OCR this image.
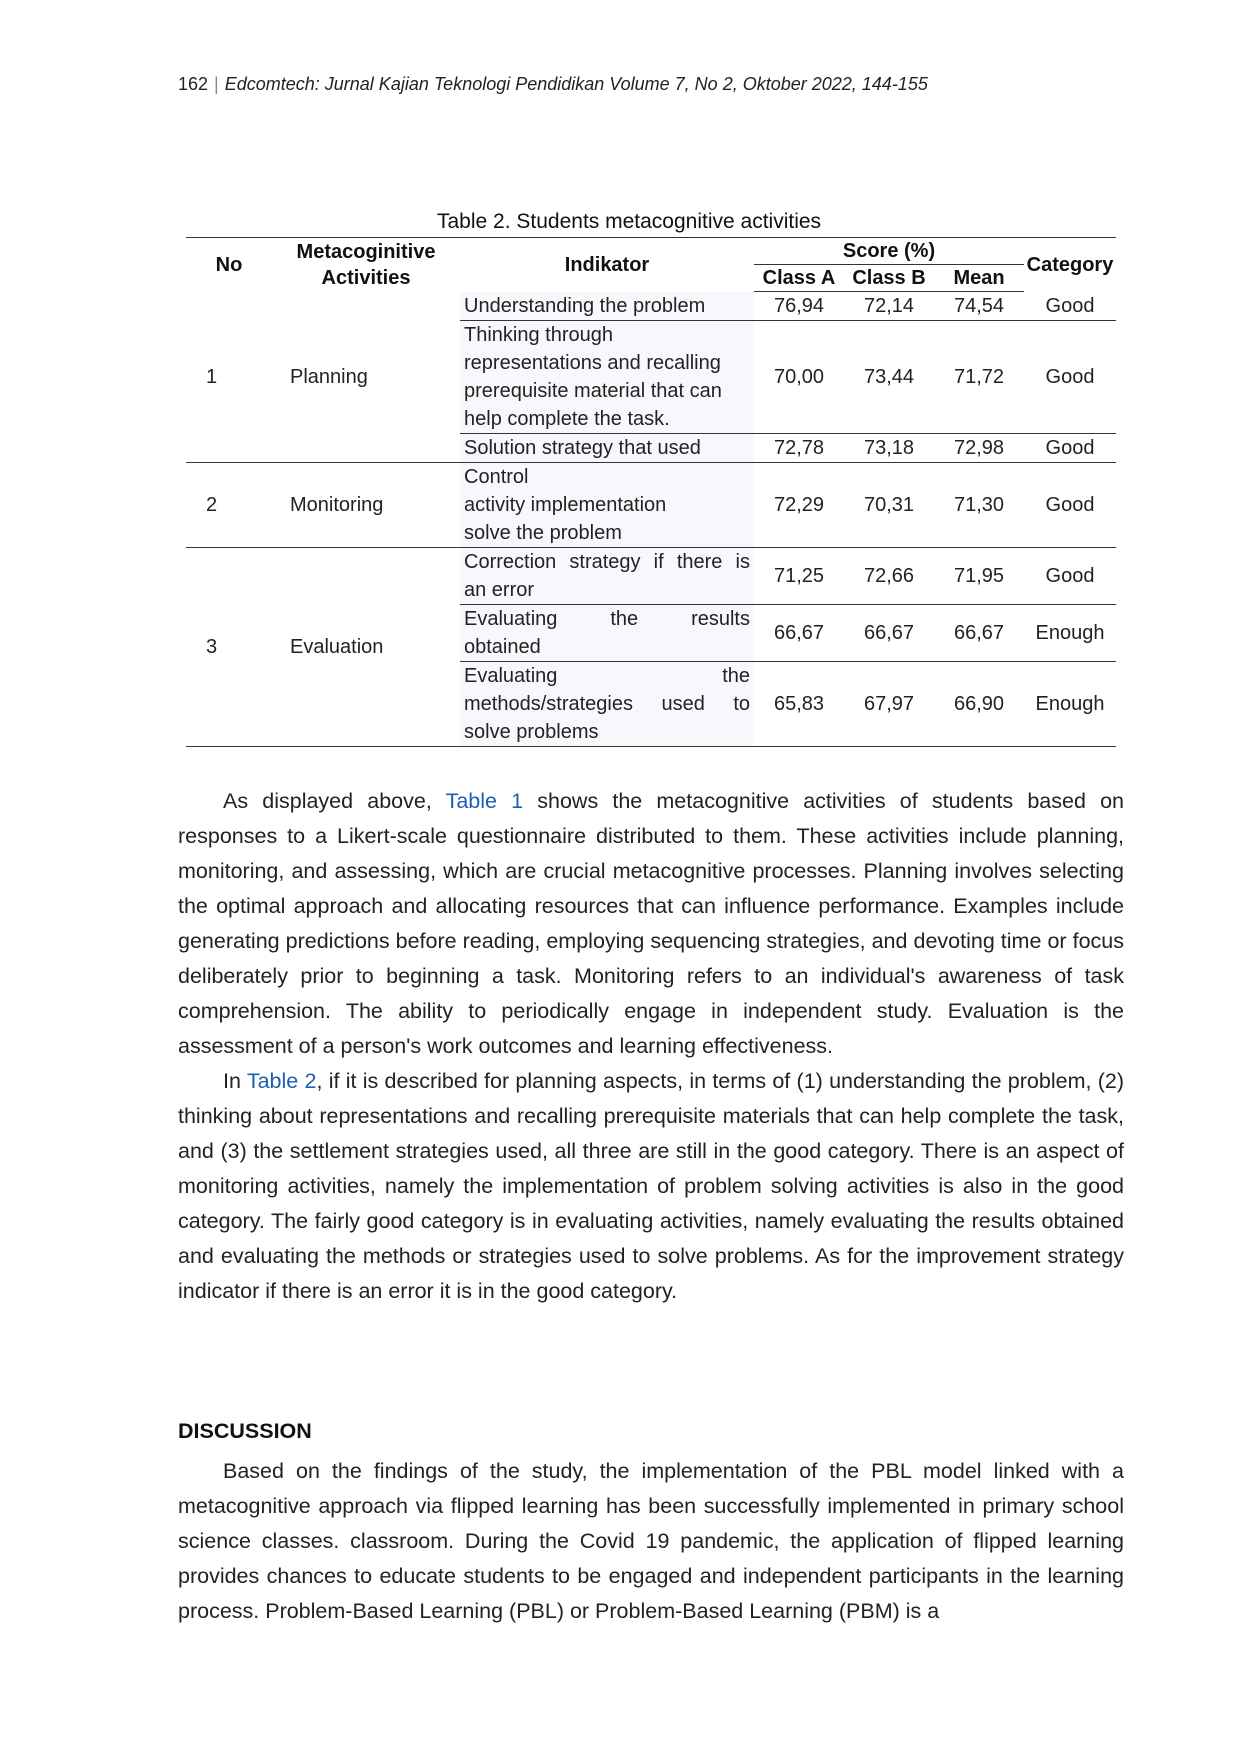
162 | Edcomtech: Jurnal Kajian Teknologi Pendidikan Volume 7, No 2, Oktober 2022, 144-155
Table 2. Students metacognitive activities
No	Metacoginitive Activities	Indikator	Score (%)			Category
			Class A	Class B	Mean	
1	Planning	Understanding the problem	76,94	72,14	74,54	Good

		Thinking through
representations and recalling
prerequisite material that can
help complete the task.	70,00	73,44	71,72	Good

		Solution strategy that used	72,78	73,18	72,98	Good
2	Monitoring	Control
activity implementation
solve the problem	72,29	70,31	71,30	Good
3	Evaluation	Correction strategy if there is
an error	71,25	72,66	71,95	Good

		Evaluating the results
obtained	66,67	66,67	66,67	Enough

		Evaluating the
methods/strategies used to
solve problems	65,83	67,97	66,90	Enough

As displayed above, Table 1 shows the metacognitive activities of students based on responses to a Likert-scale questionnaire distributed to them. These activities include planning, monitoring, and assessing, which are crucial metacognitive processes. Planning involves selecting the optimal approach and allocating resources that can influence performance. Examples include generating predictions before reading, employing sequencing strategies, and devoting time or focus deliberately prior to beginning a task. Monitoring refers to an individual's awareness of task comprehension. The ability to periodically engage in independent study. Evaluation is the assessment of a person's work outcomes and learning effectiveness.

In Table 2, if it is described for planning aspects, in terms of (1) understanding the problem, (2) thinking about representations and recalling prerequisite materials that can help complete the task, and (3) the settlement strategies used, all three are still in the good category. There is an aspect of monitoring activities, namely the implementation of problem solving activities is also in the good category. The fairly good category is in evaluating activities, namely evaluating the results obtained and evaluating the methods or strategies used to solve problems. As for the improvement strategy indicator if there is an error it is in the good category.

DISCUSSION

Based on the findings of the study, the implementation of the PBL model linked with a metacognitive approach via flipped learning has been successfully implemented in primary school science classes. classroom. During the Covid 19 pandemic, the application of flipped learning provides chances to educate students to be engaged and independent participants in the learning process. Problem-Based Learning (PBL) or Problem-Based Learning (PBM) is a
